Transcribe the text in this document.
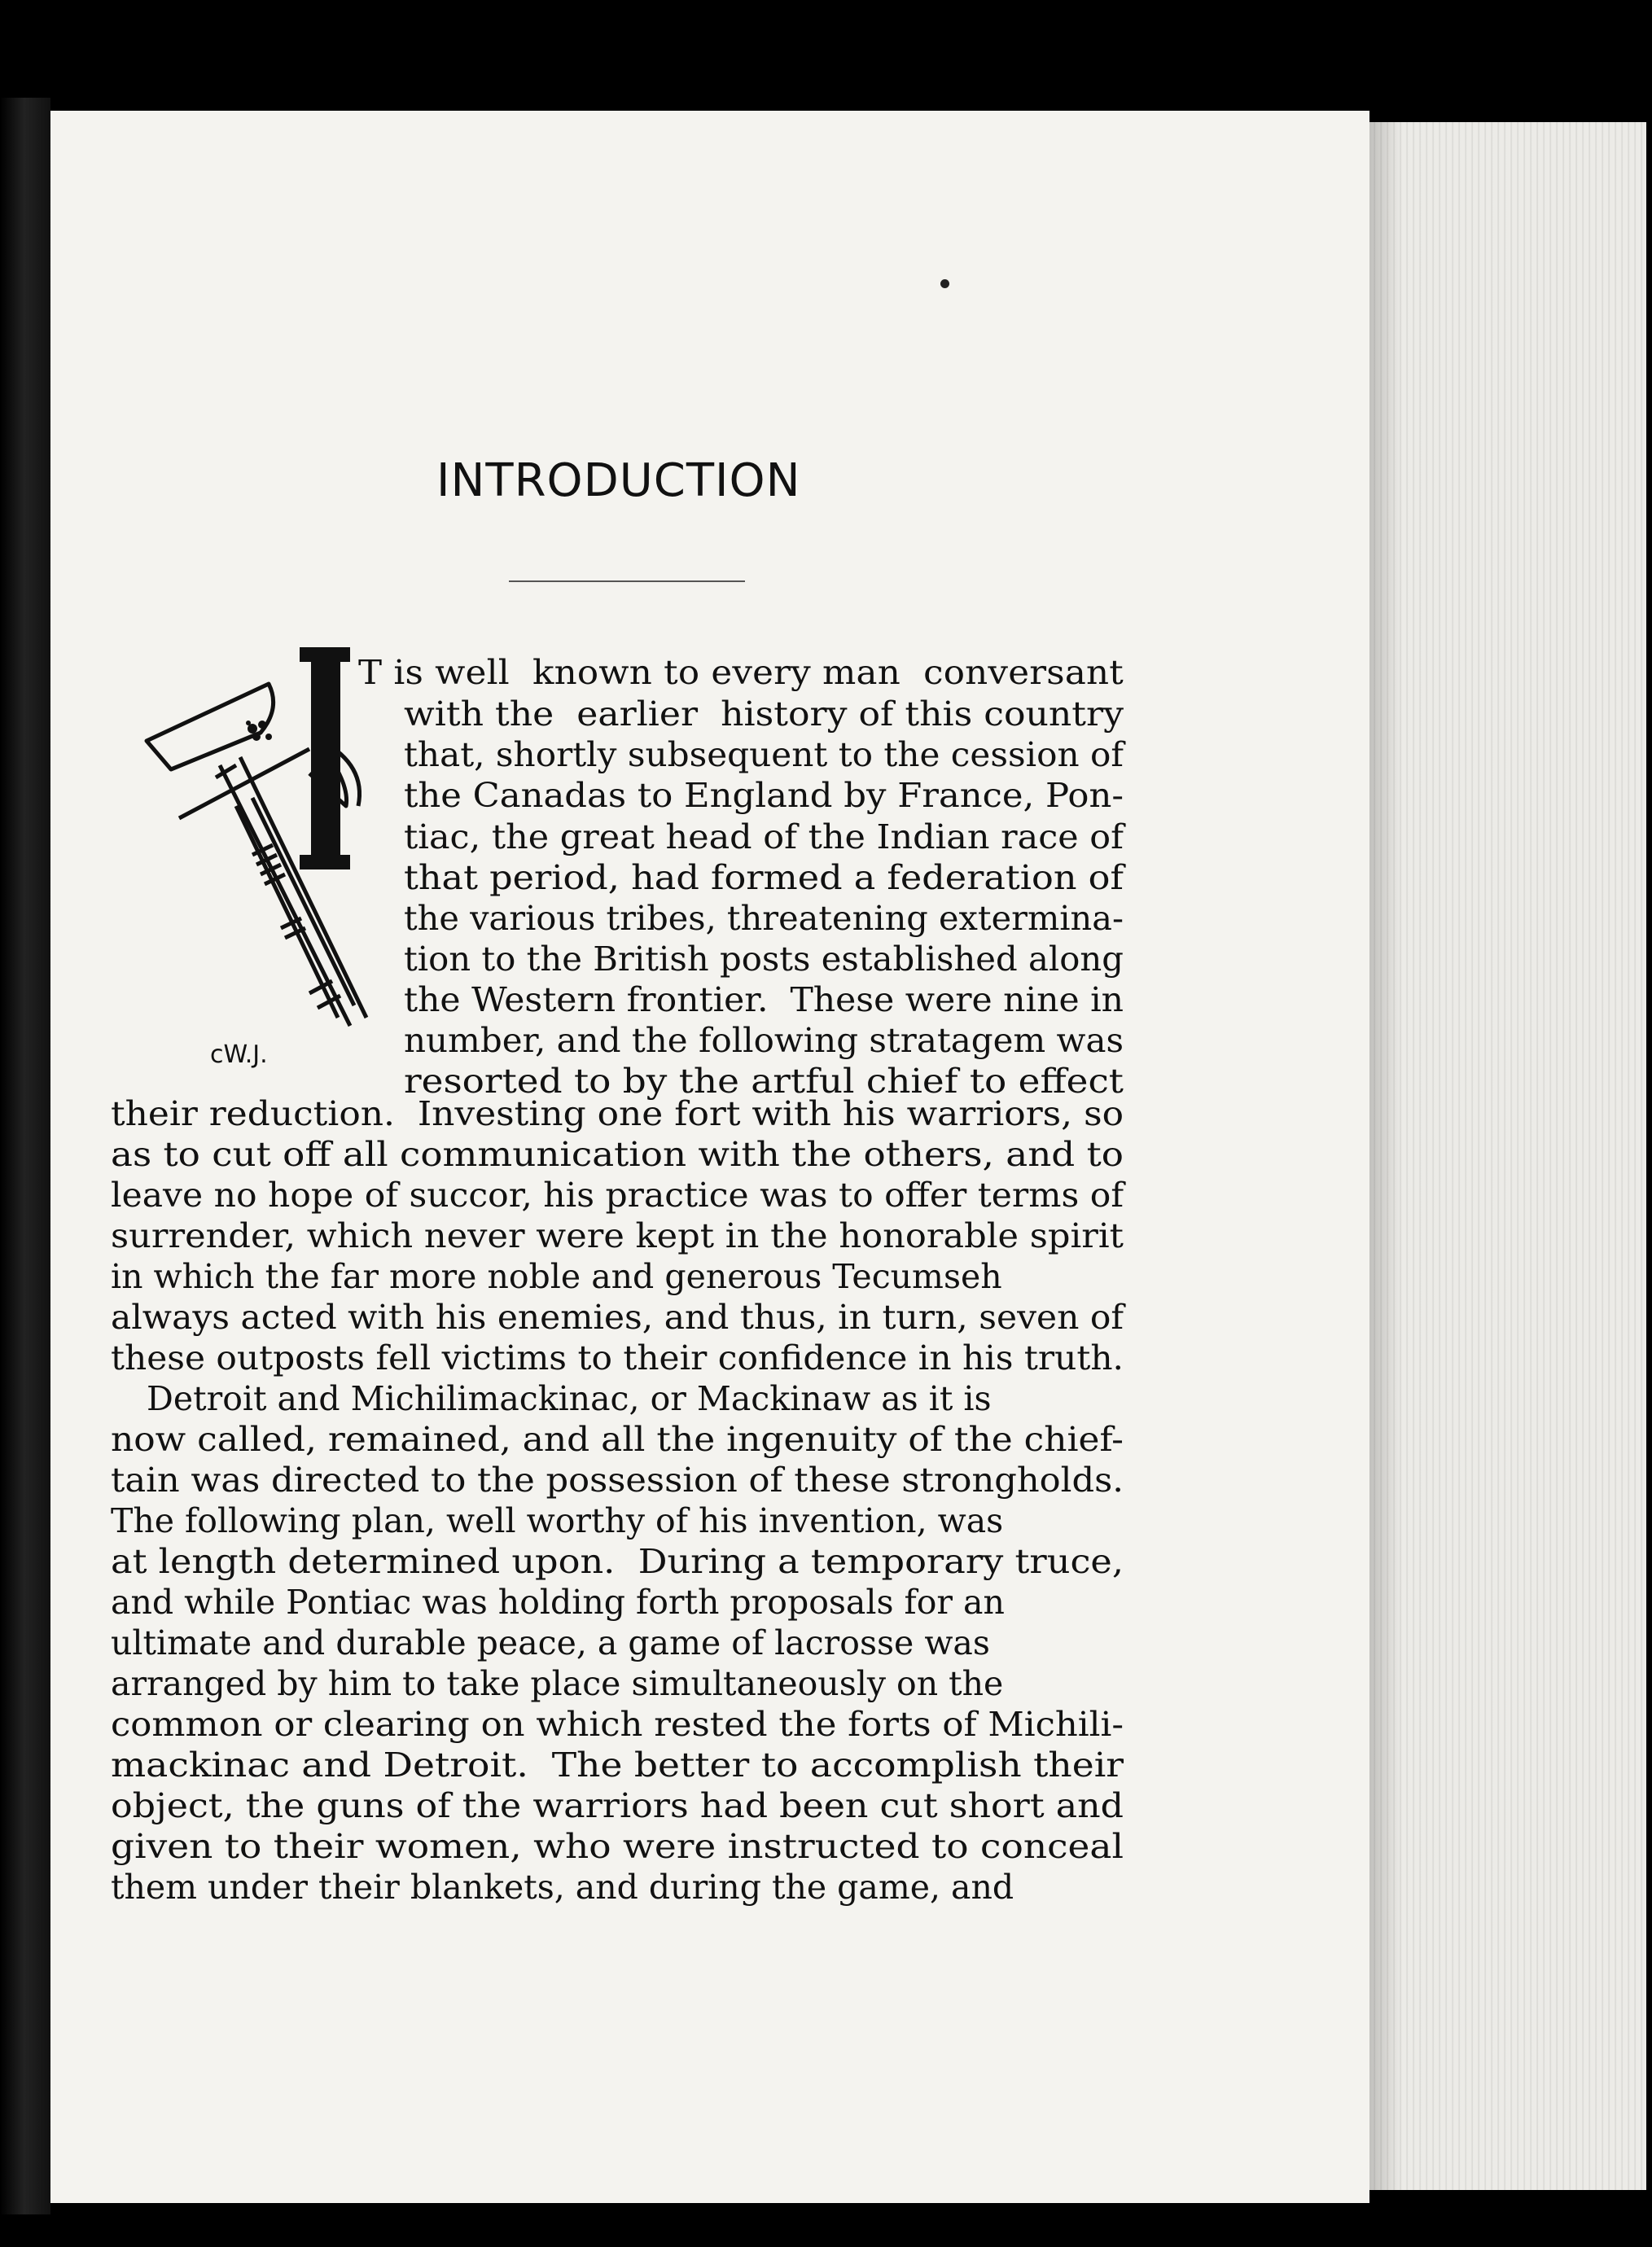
INTRODUCTION
cW.J.
T is well  known to every man  conversant
with the  earlier  history of this country
that, shortly subsequent to the cession of
the Canadas to England by France, Pon-
tiac, the great head of the Indian race of
that period, had formed a federation of
the various tribes, threatening extermina-
tion to the British posts established along
the Western frontier.  These were nine in
number, and the following stratagem was
resorted to by the artful chief to effect
their reduction.  Investing one fort with his warriors, so
as to cut off all communication with the others, and to
leave no hope of succor, his practice was to offer terms of
surrender, which never were kept in the honorable spirit
in which the far more noble and generous Tecumseh
always acted with his enemies, and thus, in turn, seven of
these outposts fell victims to their confidence in his truth.
Detroit and Michilimackinac, or Mackinaw as it is
now called, remained, and all the ingenuity of the chief-
tain was directed to the possession of these strongholds.
The following plan, well worthy of his invention, was
at length determined upon.  During a temporary truce,
and while Pontiac was holding forth proposals for an
ultimate and durable peace, a game of lacrosse was
arranged by him to take place simultaneously on the
common or clearing on which rested the forts of Michili-
mackinac and Detroit.  The better to accomplish their
object, the guns of the warriors had been cut short and
given to their women, who were instructed to conceal
them under their blankets, and during the game, and
